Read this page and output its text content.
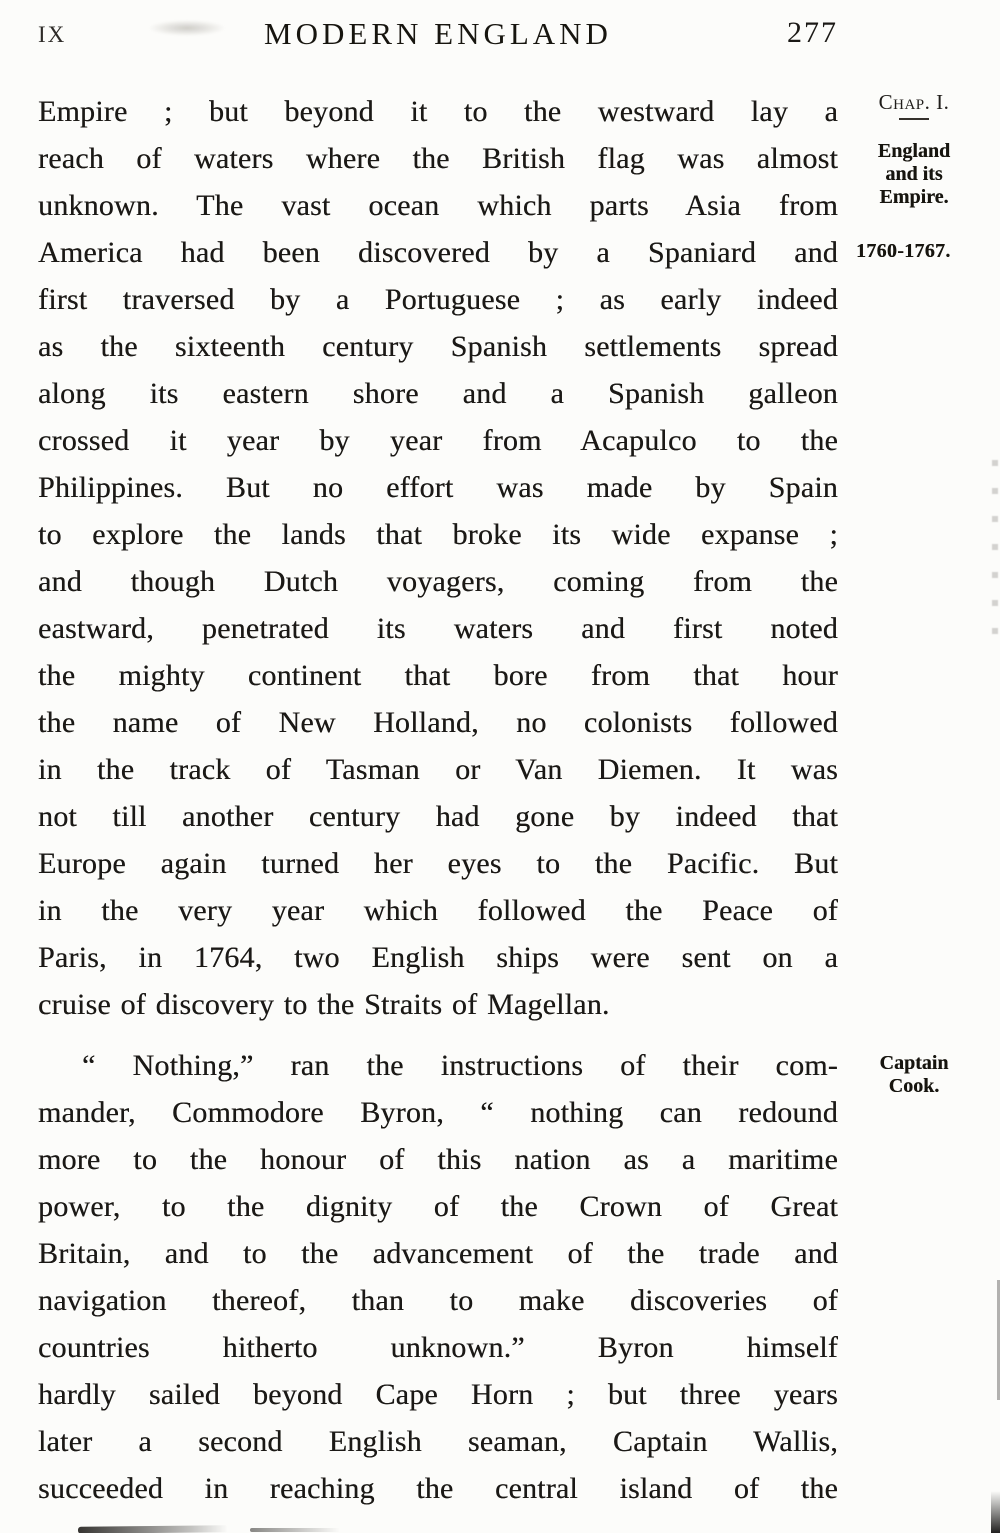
IX	MODERN ENGLAND	277
Empire ; but beyond it to the westward lay a
reach of waters where the British flag was almost
unknown. The vast ocean which parts Asia from
America had been discovered by a Spaniard and
first traversed by a Portuguese ; as early indeed
as the sixteenth century Spanish settlements spread
along its eastern shore and a Spanish galleon
crossed it year by year from Acapulco to the
Philippines. But no effort was made by Spain
to explore the lands that broke its wide expanse ;
and though Dutch voyagers, coming from the
eastward, penetrated its waters and first noted
the mighty continent that bore from that hour
the name of New Holland, no colonists followed
in the track of Tasman or Van Diemen. It was
not till another century had gone by indeed that
Europe again turned her eyes to the Pacific. But
in the very year which followed the Peace of
Paris, in 1764, two English ships were sent on a
cruise of discovery to the Straits of Magellan.
“ Nothing,” ran the instructions of their com-
mander, Commodore Byron, “ nothing can redound
more to the honour of this nation as a maritime
power, to the dignity of the Crown of Great
Britain, and to the advancement of the trade and
navigation thereof, than to make discoveries of
countries hitherto unknown.” Byron himself
hardly sailed beyond Cape Horn ; but three years
later a second English seaman, Captain Wallis,
succeeded in reaching the central island of the
Chap. I.
England
and its
Empire.
1760-1767.
Captain
Cook.
